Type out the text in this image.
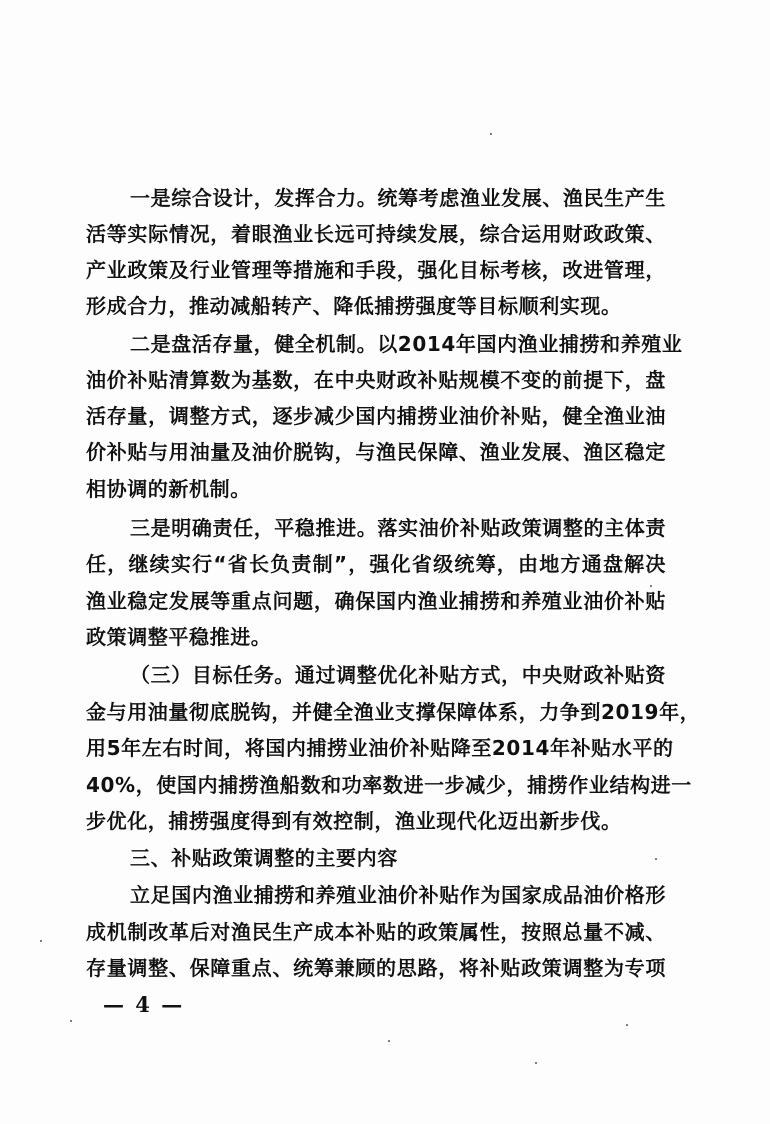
一是综合设计，发挥合力。统筹考虑渔业发展、渔民生产生

活等实际情况，着眼渔业长远可持续发展，综合运用财政政策、

产业政策及行业管理等措施和手段，强化目标考核，改进管理，

形成合力，推动减船转产、降低捕捞强度等目标顺利实现。

二是盘活存量，健全机制。以2014年国内渔业捕捞和养殖业

油价补贴清算数为基数，在中央财政补贴规模不变的前提下，盘

活存量，调整方式，逐步减少国内捕捞业油价补贴，健全渔业油

价补贴与用油量及油价脱钩，与渔民保障、渔业发展、渔区稳定

相协调的新机制。

三是明确责任，平稳推进。落实油价补贴政策调整的主体责

任，继续实行“省长负责制”，强化省级统筹，由地方通盘解决

渔业稳定发展等重点问题，确保国内渔业捕捞和养殖业油价补贴

政策调整平稳推进。

（三）目标任务。通过调整优化补贴方式，中央财政补贴资

金与用油量彻底脱钩，并健全渔业支撑保障体系，力争到2019年，

用5年左右时间，将国内捕捞业油价补贴降至2014年补贴水平的

40%，使国内捕捞渔船数和功率数进一步减少，捕捞作业结构进一

步优化，捕捞强度得到有效控制，渔业现代化迈出新步伐。

三、补贴政策调整的主要内容

立足国内渔业捕捞和养殖业油价补贴作为国家成品油价格形

成机制改革后对渔民生产成本补贴的政策属性，按照总量不减、

存量调整、保障重点、统筹兼顾的思路，将补贴政策调整为专项

— 4 —
